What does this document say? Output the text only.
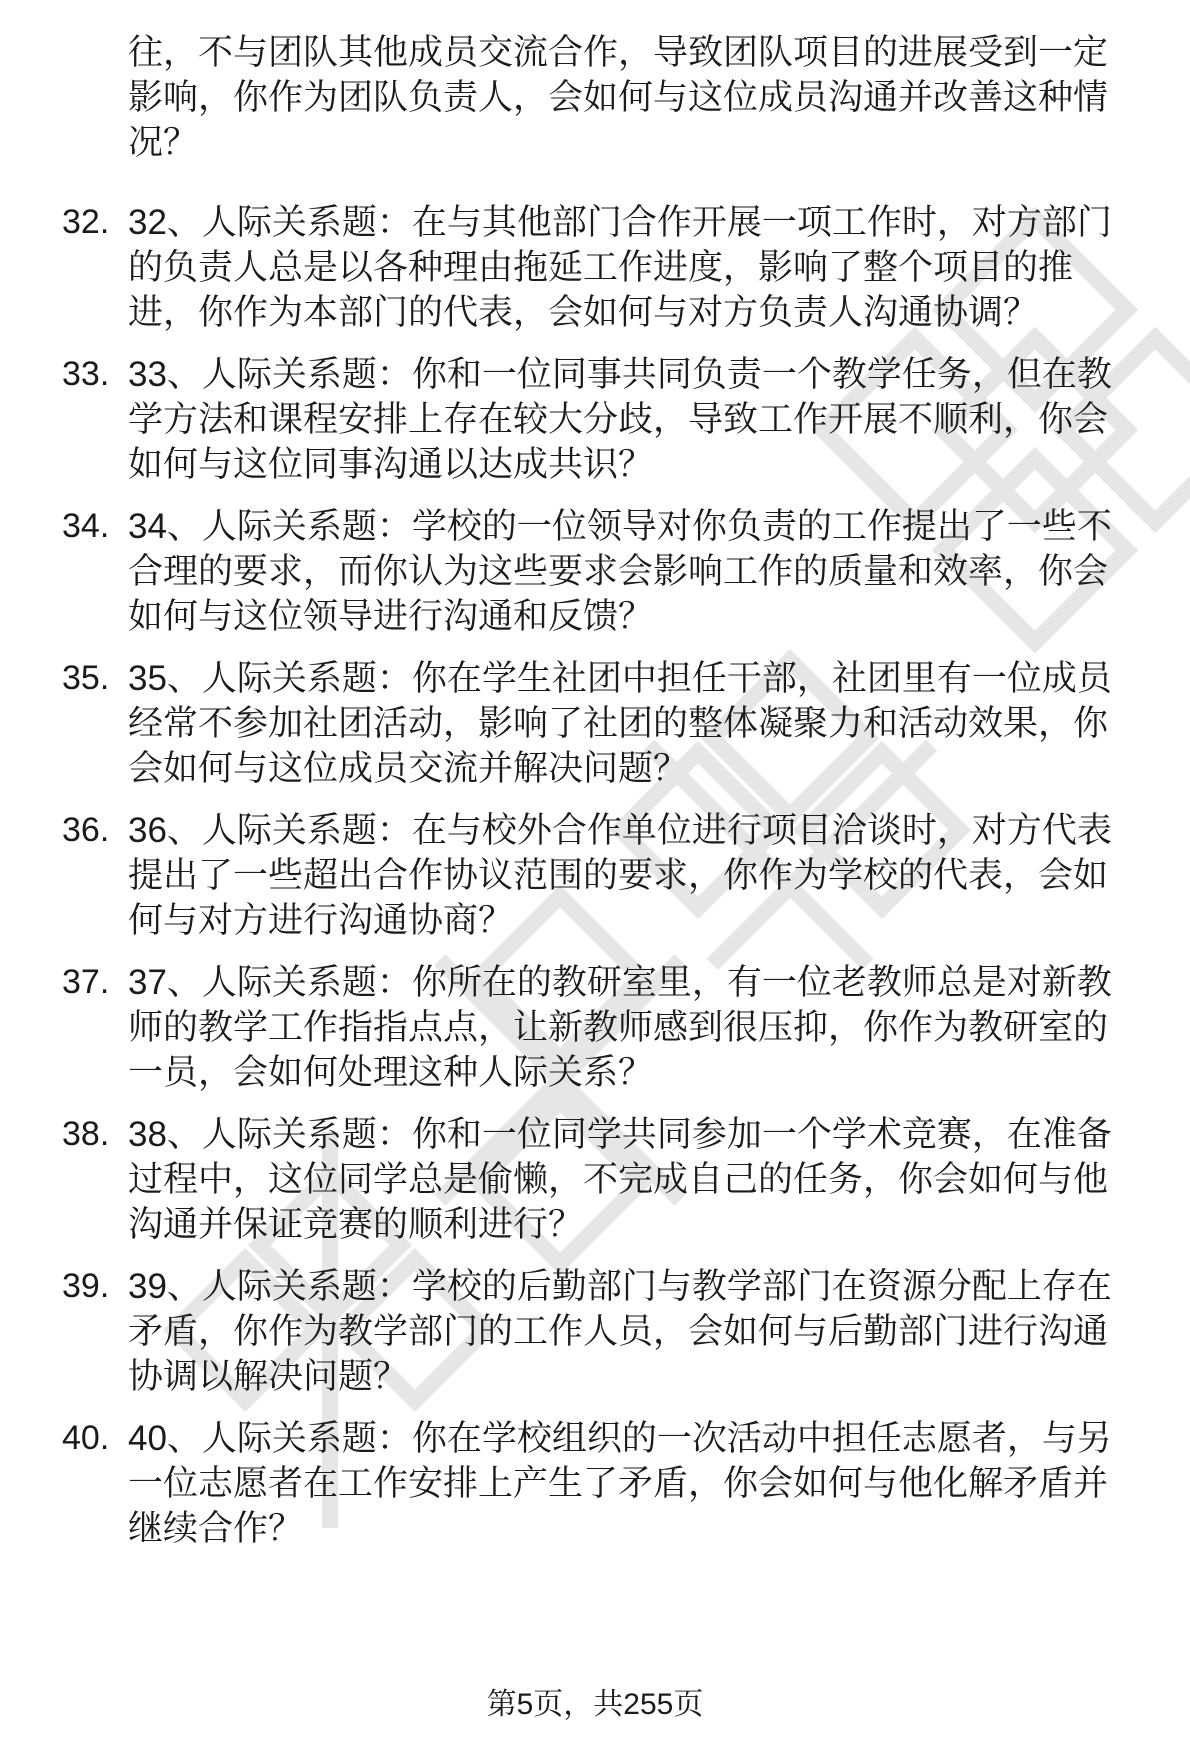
往，不与团队其他成员交流合作，导致团队项目的进展受到一定影响，你作为团队负责人，会如何与这位成员沟通并改善这种情况？

32. 32、人际关系题：在与其他部门合作开展一项工作时，对方部门的负责人总是以各种理由拖延工作进度，影响了整个项目的推进，你作为本部门的代表，会如何与对方负责人沟通协调？
33. 33、人际关系题：你和一位同事共同负责一个教学任务，但在教学方法和课程安排上存在较大分歧，导致工作开展不顺利，你会如何与这位同事沟通以达成共识？
34. 34、人际关系题：学校的一位领导对你负责的工作提出了一些不合理的要求，而你认为这些要求会影响工作的质量和效率，你会如何与这位领导进行沟通和反馈？
35. 35、人际关系题：你在学生社团中担任干部，社团里有一位成员经常不参加社团活动，影响了社团的整体凝聚力和活动效果，你会如何与这位成员交流并解决问题？
36. 36、人际关系题：在与校外合作单位进行项目洽谈时，对方代表提出了一些超出合作协议范围的要求，你作为学校的代表，会如何与对方进行沟通协商？
37. 37、人际关系题：你所在的教研室里，有一位老教师总是对新教师的教学工作指指点点，让新教师感到很压抑，你作为教研室的一员，会如何处理这种人际关系？
38. 38、人际关系题：你和一位同学共同参加一个学术竞赛，在准备过程中，这位同学总是偷懒，不完成自己的任务，你会如何与他沟通并保证竞赛的顺利进行？
39. 39、人际关系题：学校的后勤部门与教学部门在资源分配上存在矛盾，你作为教学部门的工作人员，会如何与后勤部门进行沟通协调以解决问题？
40. 40、人际关系题：你在学校组织的一次活动中担任志愿者，与另一位志愿者在工作安排上产生了矛盾，你会如何与他化解矛盾并继续合作？
第5页，共255页
